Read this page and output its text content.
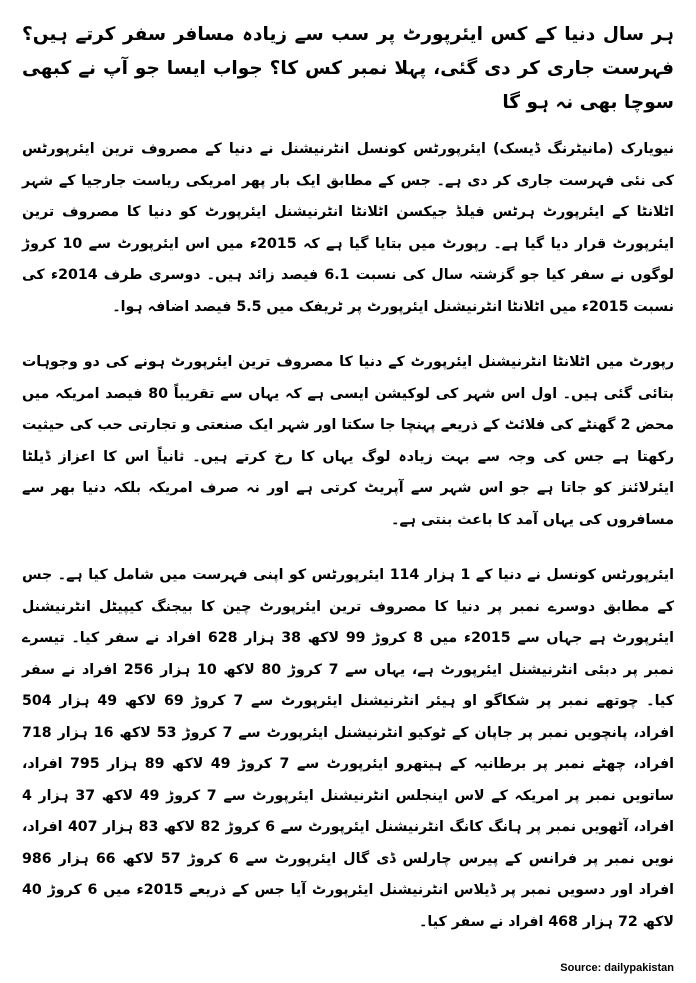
ہر سال دنیا کے کس ایئرپورٹ پر سب سے زیادہ مسافر سفر کرتے ہیں؟ فہرست جاری کر دی گئی، پہلا نمبر کس کا؟ جواب ایسا جو آپ نے کبھی سوچا بھی نہ ہو گا

نیویارک (مانیٹرنگ ڈیسک) ایئرپورٹس کونسل انٹرنیشنل نے دنیا کے مصروف ترین ایئرپورٹس کی نئی فہرست جاری کر دی ہے۔ جس کے مطابق ایک بار پھر امریکی ریاست جارجیا کے شہر اٹلانٹا کے ایئرپورٹ ہرٹس فیلڈ جیکسن اٹلانٹا انٹرنیشنل ایئرپورٹ کو دنیا کا مصروف ترین ایئرپورٹ قرار دیا گیا ہے۔ رپورٹ میں بتایا گیا ہے کہ 2015ء میں اس ایئرپورٹ سے 10 کروڑ لوگوں نے سفر کیا جو گزشتہ سال کی نسبت 6.1 فیصد زائد ہیں۔ دوسری طرف 2014ء کی نسبت 2015ء میں اٹلانٹا انٹرنیشنل ایئرپورٹ پر ٹریفک میں 5.5 فیصد اضافہ ہوا۔

رپورٹ میں اٹلانٹا انٹرنیشنل ایئرپورٹ کے دنیا کا مصروف ترین ایئرپورٹ ہونے کی دو وجوہات بتائی گئی ہیں۔ اول اس شہر کی لوکیشن ایسی ہے کہ یہاں سے تقریباً 80 فیصد امریکہ میں محض 2 گھنٹے کی فلائٹ کے ذریعے پہنچا جا سکتا اور شہر ایک صنعتی و تجارتی حب کی حیثیت رکھتا ہے جس کی وجہ سے بہت زیادہ لوگ یہاں کا رخ کرتے ہیں۔ ثانیاً اس کا اعزاز ڈیلٹا ایئرلائنز کو جاتا ہے جو اس شہر سے آپریٹ کرتی ہے اور نہ صرف امریکہ بلکہ دنیا بھر سے مسافروں کی یہاں آمد کا باعث بنتی ہے۔

ایئرپورٹس کونسل نے دنیا کے 1 ہزار 114 ایئرپورٹس کو اپنی فہرست میں شامل کیا ہے۔ جس کے مطابق دوسرے نمبر پر دنیا کا مصروف ترین ایئرپورٹ چین کا بیجنگ کیپیٹل انٹرنیشنل ایئرپورٹ ہے جہاں سے 2015ء میں 8 کروڑ 99 لاکھ 38 ہزار 628 افراد نے سفر کیا۔ تیسرے نمبر پر دبئی انٹرنیشنل ایئرپورٹ ہے، یہاں سے 7 کروڑ 80 لاکھ 10 ہزار 256 افراد نے سفر کیا۔ چوتھے نمبر پر شکاگو او ہیئر انٹرنیشنل ایئرپورٹ سے 7 کروڑ 69 لاکھ 49 ہزار 504 افراد، پانچویں نمبر پر جاپان کے ٹوکیو انٹرنیشنل ایئرپورٹ سے 7 کروڑ 53 لاکھ 16 ہزار 718 افراد، چھٹے نمبر پر برطانیہ کے ہیتھرو ایئرپورٹ سے 7 کروڑ 49 لاکھ 89 ہزار 795 افراد، ساتویں نمبر پر امریکہ کے لاس اینجلس انٹرنیشنل ایئرپورٹ سے 7 کروڑ 49 لاکھ 37 ہزار 4 افراد، آٹھویں نمبر پر ہانگ کانگ انٹرنیشنل ایئرپورٹ سے 6 کروڑ 82 لاکھ 83 ہزار 407 افراد، نویں نمبر پر فرانس کے پیرس چارلس ڈی گال ایئرپورٹ سے 6 کروڑ 57 لاکھ 66 ہزار 986 افراد اور دسویں نمبر پر ڈیلاس انٹرنیشنل ایئرپورٹ آیا جس کے ذریعے 2015ء میں 6 کروڑ 40 لاکھ 72 ہزار 468 افراد نے سفر کیا۔

Source: dailypakistan
